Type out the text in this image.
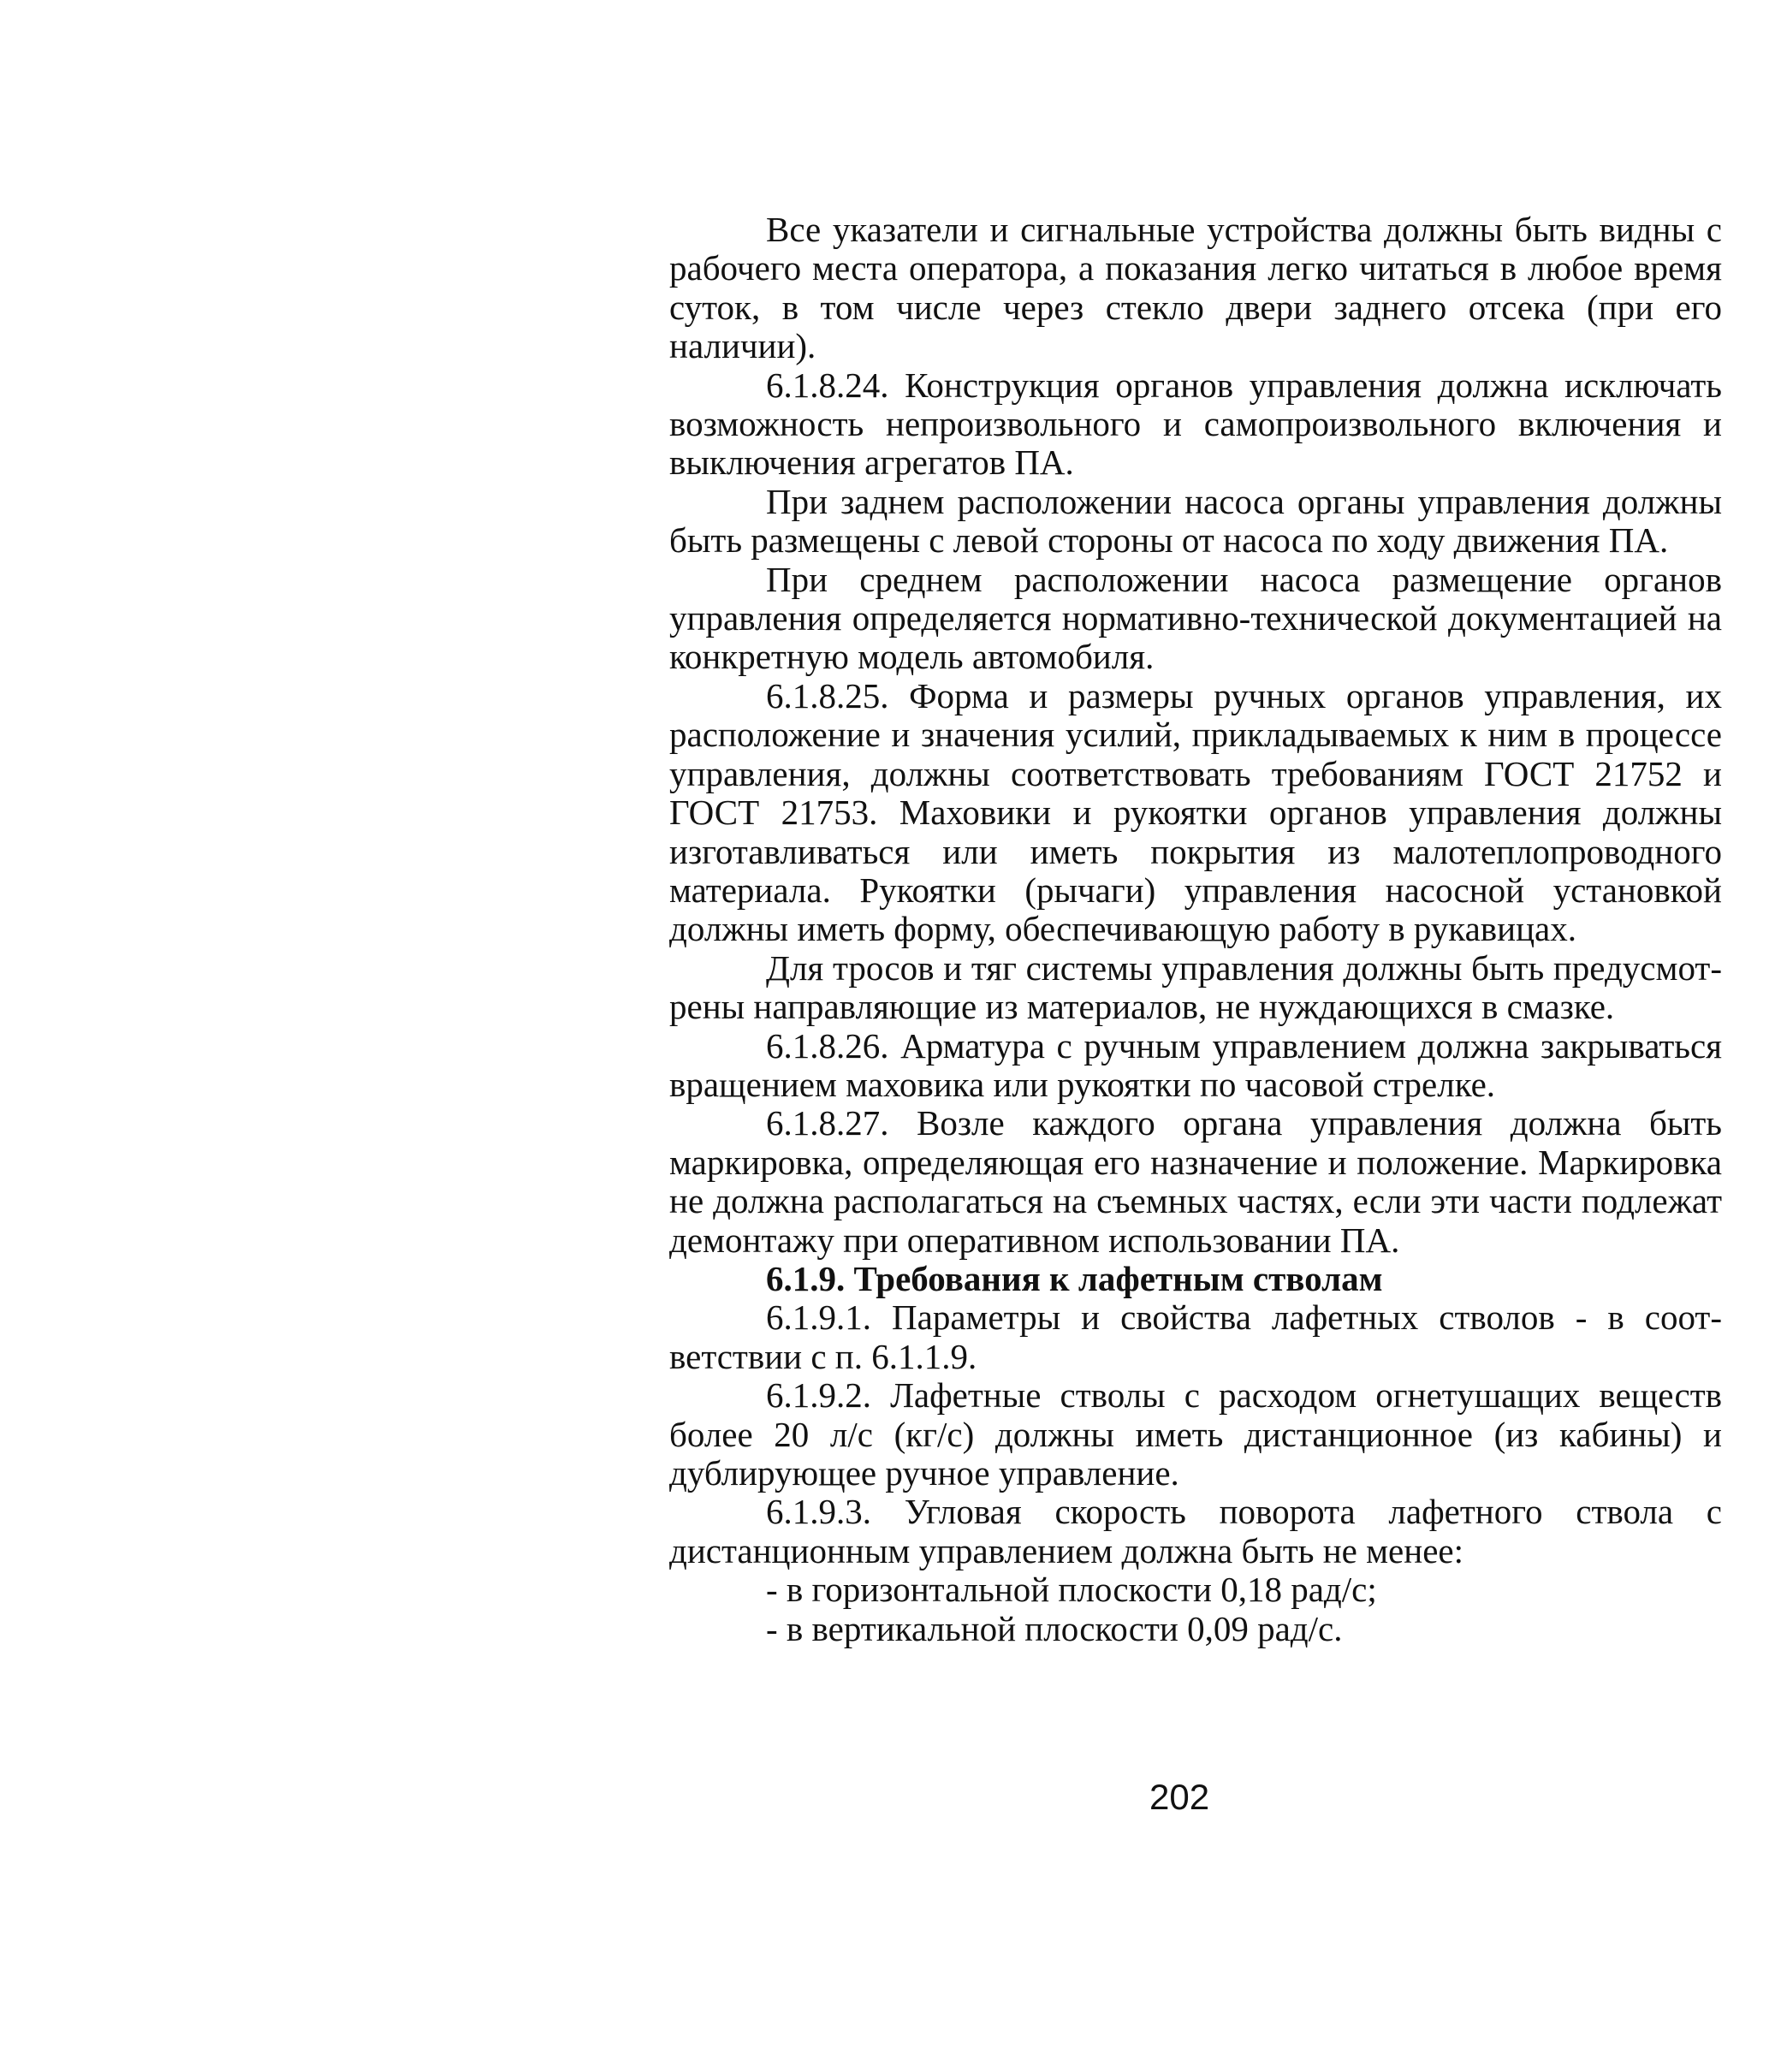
Все указатели и сигнальные устройства должны быть видны с рабочего места оператора, а показания легко читаться в любое время суток, в том числе через стекло двери заднего отсека (при его наличии).

6.1.8.24. Конструкция органов управления должна исключать возможность непроизвольного и самопроизвольного включения и выключения агрегатов ПА.

При заднем расположении насоса органы управления должны быть размещены с левой стороны от насоса по ходу движения ПА.

При среднем расположении насоса размещение органов управления определяется нормативно-технической документацией на конкретную модель автомобиля.

6.1.8.25. Форма и размеры ручных органов управления, их расположение и значения усилий, прикладываемых к ним в процессе управления, должны соответствовать требованиям ГОСТ 21752 и ГОСТ 21753. Маховики и рукоятки органов управления должны изготавливаться или иметь покрытия из малотеплопроводного материала. Рукоятки (рычаги) управления насосной установкой должны иметь форму, обеспечивающую работу в рукавицах.

Для тросов и тяг системы управления должны быть предусмотрены направляющие из материалов, не нуждающихся в смазке.

6.1.8.26. Арматура с ручным управлением должна закрываться вращением маховика или рукоятки по часовой стрелке.

6.1.8.27. Возле каждого органа управления должна быть маркировка, определяющая его назначение и положение. Маркировка не должна располагаться на съемных частях, если эти части подлежат демонтажу при оперативном использовании ПА.

6.1.9. Требования к лафетным стволам

6.1.9.1. Параметры и свойства лафетных стволов - в соответствии с п. 6.1.1.9.

6.1.9.2. Лафетные стволы с расходом огнетушащих веществ более 20 л/с (кг/с) должны иметь дистанционное (из кабины) и дублирующее ручное управление.

6.1.9.3. Угловая скорость поворота лафетного ствола с дистанционным управлением должна быть не менее:

- в горизонтальной плоскости 0,18 рад/с;

- в вертикальной плоскости 0,09 рад/с.

202
